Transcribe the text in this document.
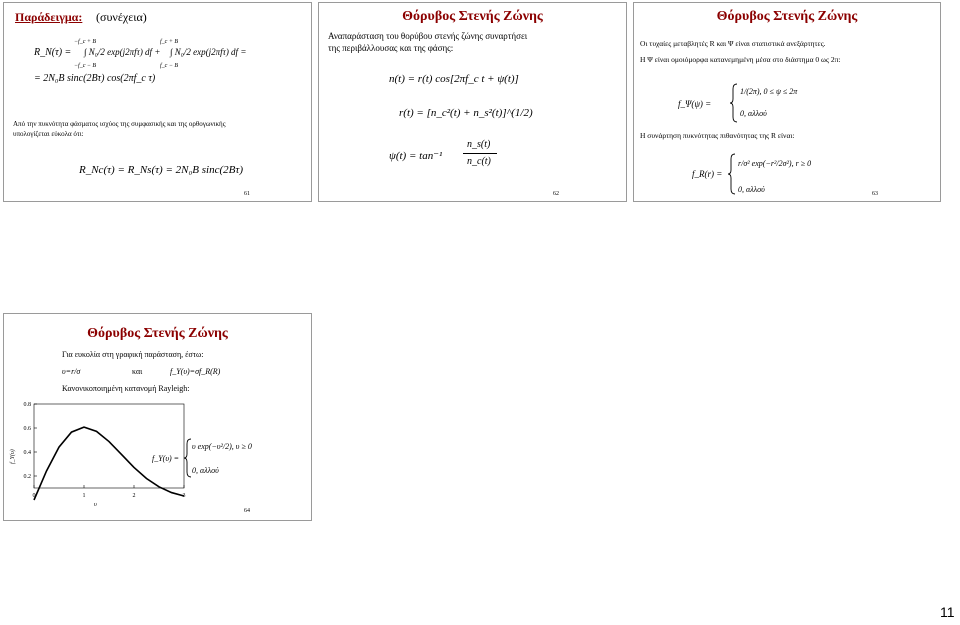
Παράδειγμα: (συνέχεια)
R_N(τ) =
−f_c + B
−f_c − B
∫ N₀/2 exp(j2πfτ) df +
f_c + B
f_c − B
∫ N₀/2 exp(j2πfτ) df =
= 2N₀B sinc(2Bτ) cos(2πf_c τ)
Από την πυκνότητα φάσματος ισχύος της συμφασικής και της ορθογωνικής
υπολογίζεται εύκολα ότι:
R_Nc(τ) = R_Ns(τ) = 2N₀B sinc(2Bτ)
61
Θόρυβος Στενής Ζώνης
Αναπαράσταση του θορύβου στενής ζώνης συναρτήσει
της περιβάλλουσας και της φάσης:
n(t) = r(t) cos[2πf_c t + ψ(t)]
r(t) = [n_c²(t) + n_s²(t)]^(1/2)
ψ(t) = tan⁻¹
n_s(t)
n_c(t)
62
Θόρυβος Στενής Ζώνης
Οι τυχαίες μεταβλητές R και Ψ είναι στατιστικά ανεξάρτητες.
Η Ψ είναι ομοιόμορφα κατανεμημένη μέσα στο διάστημα 0 ως 2π:
f_Ψ(ψ) =
1/(2π), 0 ≤ ψ ≤ 2π
0, αλλού
Η συνάρτηση πυκνότητας πιθανότητας της R είναι:
f_R(r) =
r/σ² exp(−r²/2σ²), r ≥ 0
0, αλλού	63
Θόρυβος Στενής Ζώνης
Για ευκολία στη γραφική παράσταση, έστω:
υ=r/σ	και	f_Υ(υ)=σf_R(R)
Κανονικοποιημένη κατανομή Rayleigh:
0.2
0.4
0.6
0.8
0	1	2	3
υ
f_Y(υ)	f_Y(υ) =
υ exp(−υ²/2), υ ≥ 0
0, αλλού
64
11
